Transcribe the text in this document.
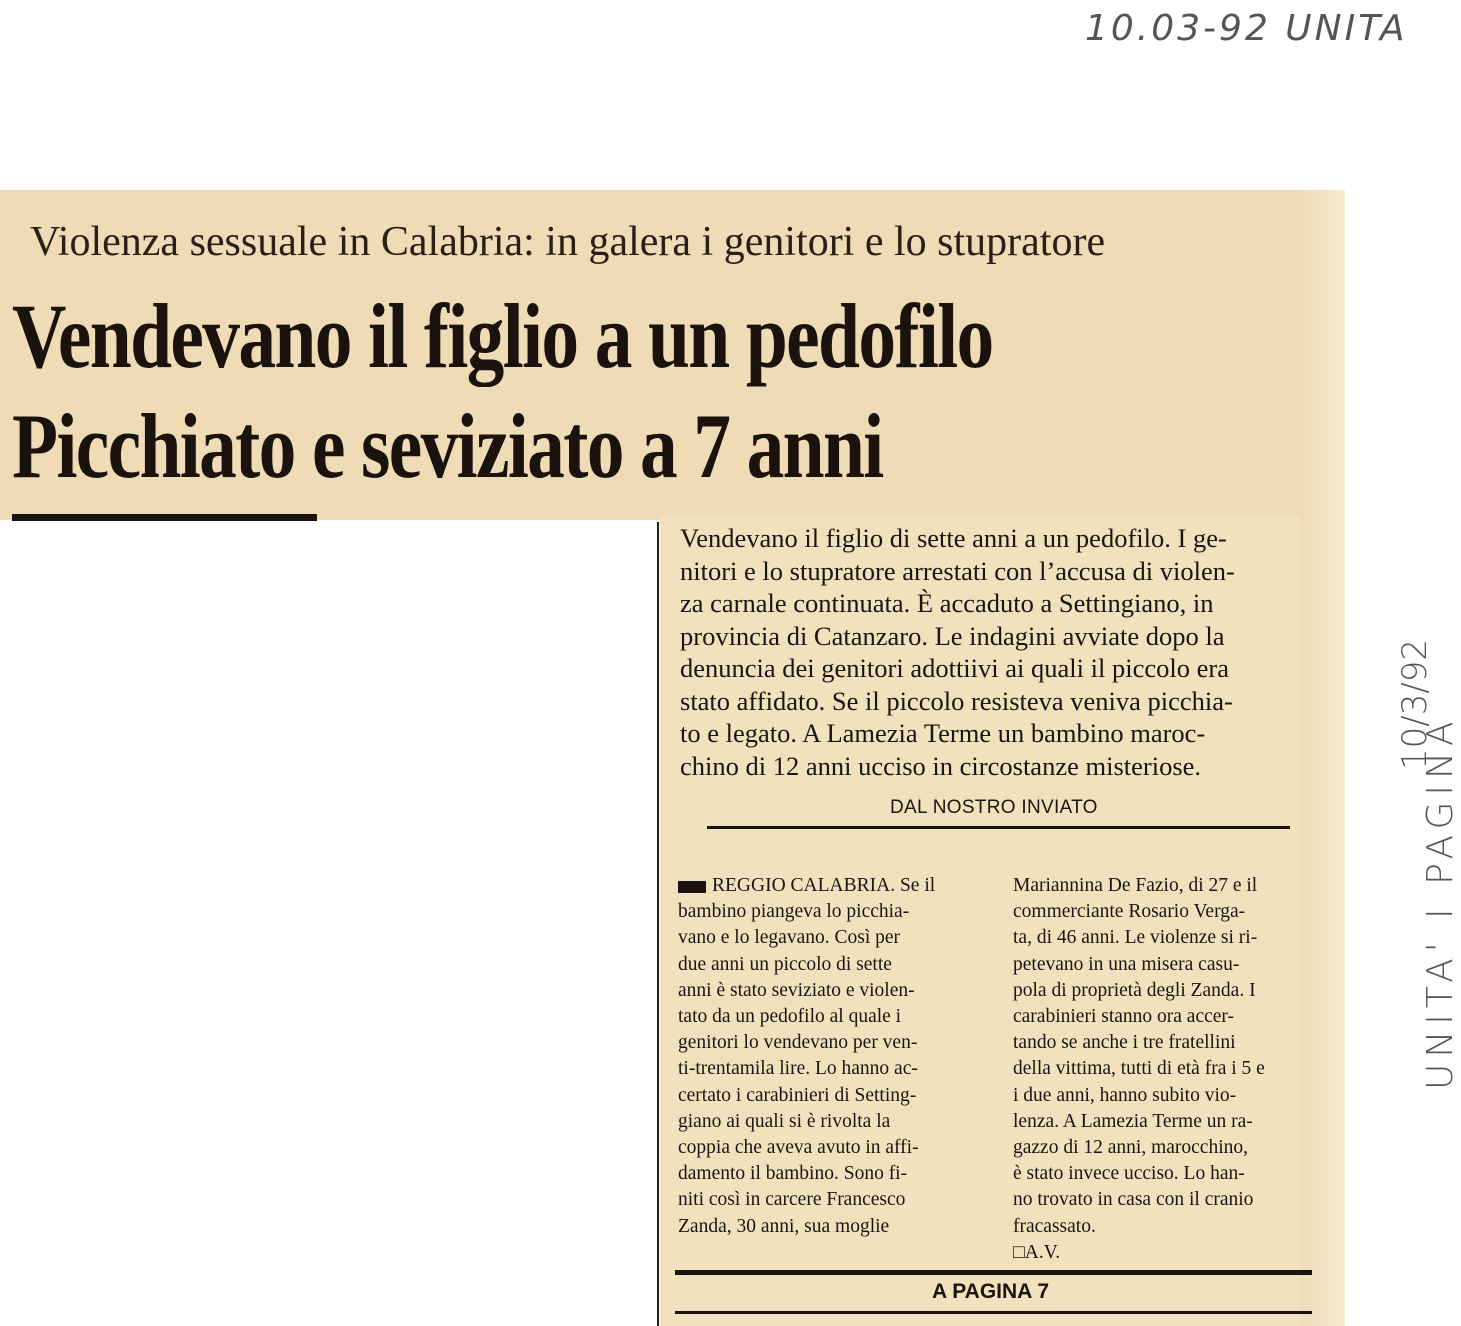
10.03-92 UNITA
Violenza sessuale in Calabria: in galera i genitori e lo stupratore
Vendevano il figlio a un pedofilo
Picchiato e seviziato a 7 anni
Vendevano il figlio di sette anni a un pedofilo. I ge-
nitori e lo stupratore arrestati con l’accusa di violen-
za carnale continuata. È accaduto a Settingiano, in
provincia di Catanzaro. Le indagini avviate dopo la
denuncia dei genitori adottiivi ai quali il piccolo era
stato affidato. Se il piccolo resisteva veniva picchia-
to e legato. A Lamezia Terme un bambino maroc-
chino di 12 anni ucciso in circostanze misteriose.
DAL NOSTRO INVIATO
REGGIO CALABRIA. Se il
bambino piangeva lo picchia-
vano e lo legavano. Così per
due anni un piccolo di sette
anni è stato seviziato e violen-
tato da un pedofilo al quale i
genitori lo vendevano per ven-
ti-trentamila lire. Lo hanno ac-
certato i carabinieri di Setting-
giano ai quali si è rivolta la
coppia che aveva avuto in affi-
damento il bambino. Sono fi-
niti così in carcere Francesco
Zanda, 30 anni, sua moglie
Mariannina De Fazio, di 27 e il
commerciante Rosario Verga-
ta, di 46 anni. Le violenze si ri-
petevano in una misera casu-
pola di proprietà degli Zanda. I
carabinieri stanno ora accer-
tando se anche i tre fratellini
della vittima, tutti di età fra i 5 e
i due anni, hanno subito vio-
lenza. A Lamezia Terme un ra-
gazzo di 12 anni, marocchino,
è stato invece ucciso. Lo han-
no trovato in casa con il cranio
fracassato.
□A.V.
A PAGINA 7
10/3/92
UNITA' I PAGINA
